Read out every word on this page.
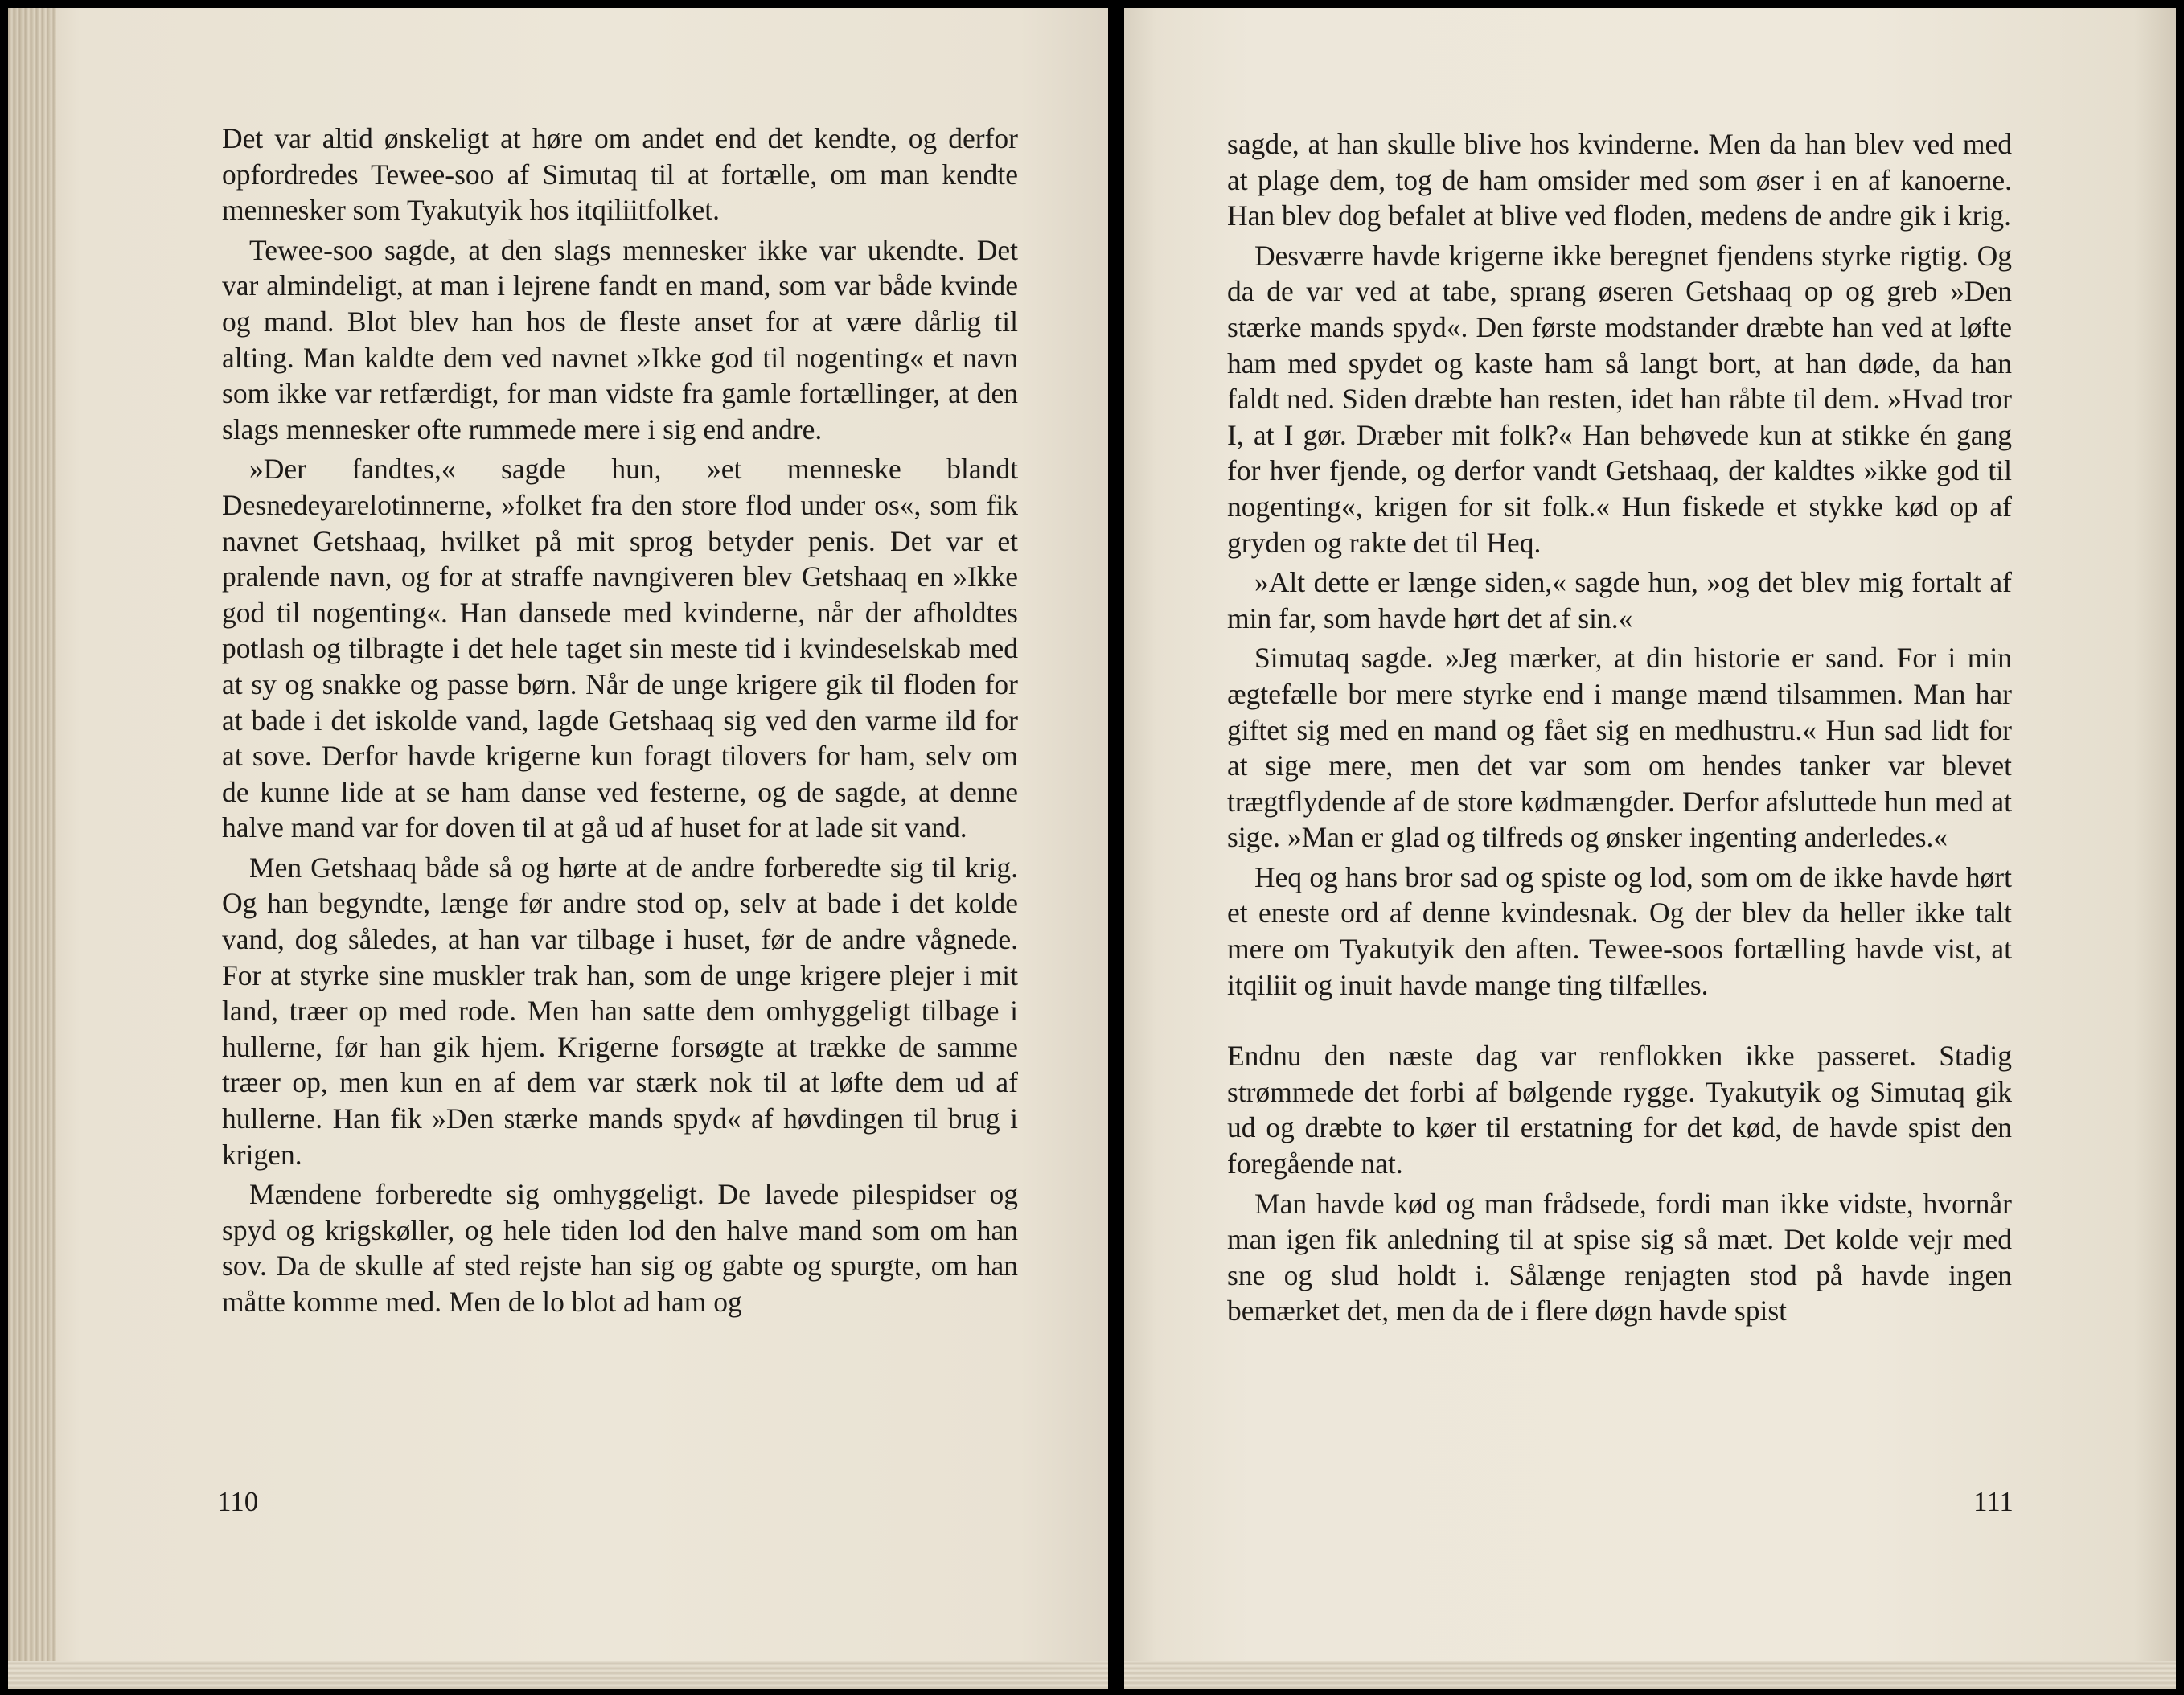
Det var altid ønskeligt at høre om andet end det kendte, og derfor opfordredes Tewee-soo af Simutaq til at fortælle, om man kendte mennesker som Tyakutyik hos itqiliitfolket.

Tewee-soo sagde, at den slags mennesker ikke var ukendte. Det var almindeligt, at man i lejrene fandt en mand, som var både kvinde og mand. Blot blev han hos de fleste anset for at være dårlig til alting. Man kaldte dem ved navnet »Ikke god til nogenting« et navn som ikke var retfærdigt, for man vidste fra gamle fortællinger, at den slags mennesker ofte rummede mere i sig end andre.

»Der fandtes,« sagde hun, »et menneske blandt Desnedeyarelotinnerne, »folket fra den store flod under os«, som fik navnet Getshaaq, hvilket på mit sprog betyder penis. Det var et pralende navn, og for at straffe navngiveren blev Getshaaq en »Ikke god til nogenting«. Han dansede med kvinderne, når der afholdtes potlash og tilbragte i det hele taget sin meste tid i kvindeselskab med at sy og snakke og passe børn. Når de unge krigere gik til floden for at bade i det iskolde vand, lagde Getshaaq sig ved den varme ild for at sove. Derfor havde krigerne kun foragt tilovers for ham, selv om de kunne lide at se ham danse ved festerne, og de sagde, at denne halve mand var for doven til at gå ud af huset for at lade sit vand.

Men Getshaaq både så og hørte at de andre forberedte sig til krig. Og han begyndte, længe før andre stod op, selv at bade i det kolde vand, dog således, at han var tilbage i huset, før de andre vågnede. For at styrke sine muskler trak han, som de unge krigere plejer i mit land, træer op med rode. Men han satte dem omhyggeligt tilbage i hullerne, før han gik hjem. Krigerne forsøgte at trække de samme træer op, men kun en af dem var stærk nok til at løfte dem ud af hullerne. Han fik »Den stærke mands spyd« af høvdingen til brug i krigen.

Mændene forberedte sig omhyggeligt. De lavede pilespidser og spyd og krigskøller, og hele tiden lod den halve mand som om han sov. Da de skulle af sted rejste han sig og gabte og spurgte, om han måtte komme med. Men de lo blot ad ham og

110

sagde, at han skulle blive hos kvinderne. Men da han blev ved med at plage dem, tog de ham omsider med som øser i en af kanoerne. Han blev dog befalet at blive ved floden, medens de andre gik i krig.

Desværre havde krigerne ikke beregnet fjendens styrke rigtig. Og da de var ved at tabe, sprang øseren Getshaaq op og greb »Den stærke mands spyd«. Den første modstander dræbte han ved at løfte ham med spydet og kaste ham så langt bort, at han døde, da han faldt ned. Siden dræbte han resten, idet han råbte til dem. »Hvad tror I, at I gør. Dræber mit folk?« Han behøvede kun at stikke én gang for hver fjende, og derfor vandt Getshaaq, der kaldtes »ikke god til nogenting«, krigen for sit folk.« Hun fiskede et stykke kød op af gryden og rakte det til Heq.

»Alt dette er længe siden,« sagde hun, »og det blev mig fortalt af min far, som havde hørt det af sin.«

Simutaq sagde. »Jeg mærker, at din historie er sand. For i min ægtefælle bor mere styrke end i mange mænd tilsammen. Man har giftet sig med en mand og fået sig en medhustru.« Hun sad lidt for at sige mere, men det var som om hendes tanker var blevet trægtflydende af de store kødmængder. Derfor afsluttede hun med at sige. »Man er glad og tilfreds og ønsker ingenting anderledes.«

Heq og hans bror sad og spiste og lod, som om de ikke havde hørt et eneste ord af denne kvindesnak. Og der blev da heller ikke talt mere om Tyakutyik den aften. Tewee-soos fortælling havde vist, at itqiliit og inuit havde mange ting tilfælles.

Endnu den næste dag var renflokken ikke passeret. Stadig strømmede det forbi af bølgende rygge. Tyakutyik og Simutaq gik ud og dræbte to køer til erstatning for det kød, de havde spist den foregående nat.

Man havde kød og man frådsede, fordi man ikke vidste, hvornår man igen fik anledning til at spise sig så mæt. Det kolde vejr med sne og slud holdt i. Sålænge renjagten stod på havde ingen bemærket det, men da de i flere døgn havde spist

111
